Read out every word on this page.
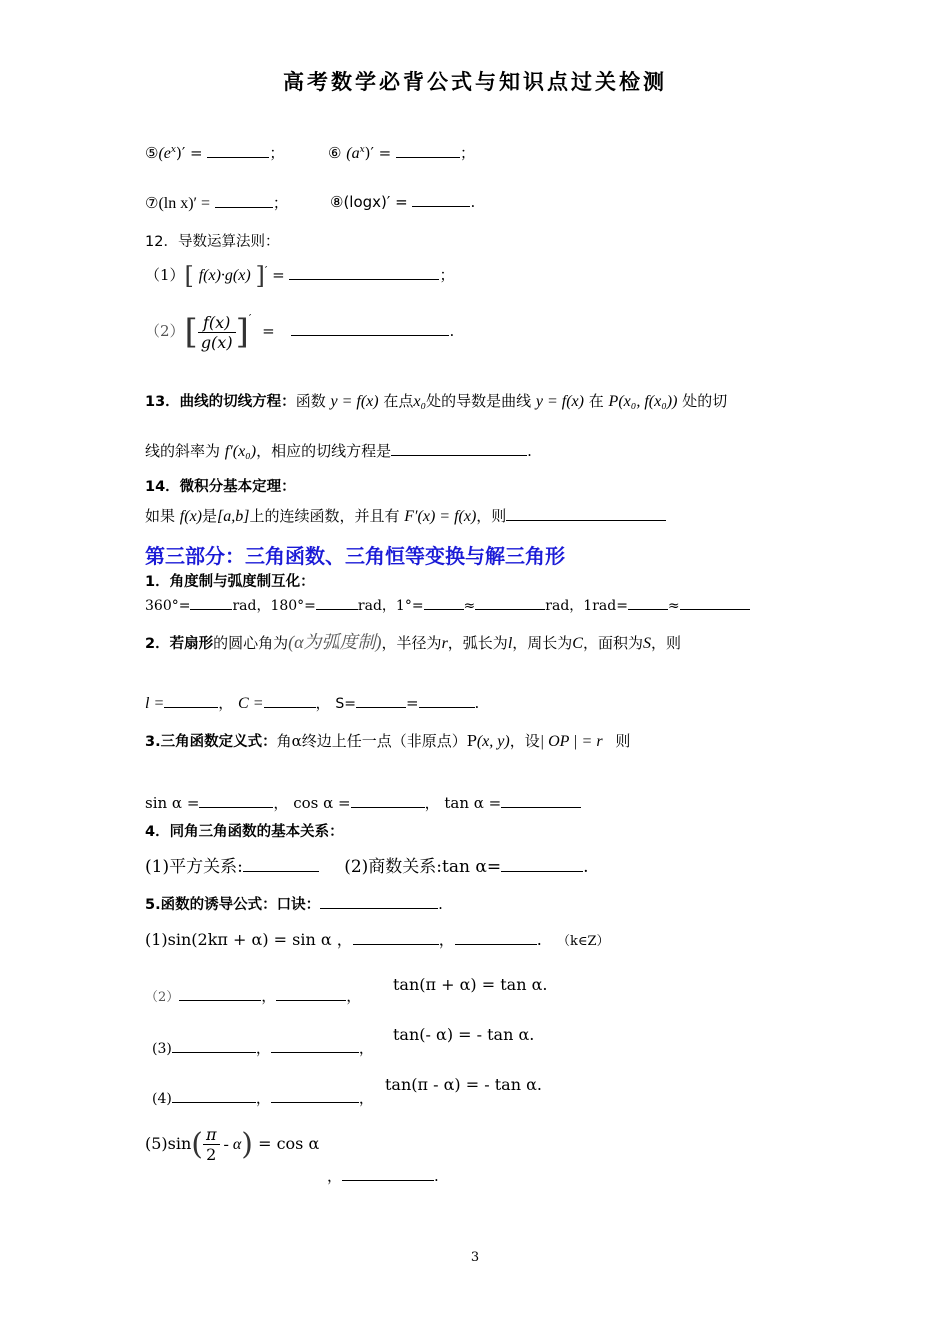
高考数学必背公式与知识点过关检测
$⑤(e^x)'$ =	；	⑥ $(a^x)'$ =	；
⑦(ln x)′ =	；	⑧(logx)′ =	.
12．导数运算法则：
（1）[ f(x)·g(x) ]′ =	；
$(2)[ \frac{f(x)}{g(x)} ]'$ =	.
13．曲线的切线方程：函数 y = f(x) 在点x₀处的导数是曲线 y = f(x) 在 P(x₀, f(x₀)) 处的切
线的斜率为 f′(x₀)，相应的切线方程是	.
14．微积分基本定理：
如果 f(x)是[a,b]上的连续函数，并且有 F′(x) = f(x)，则
第三部分：三角函数、三角恒等变换与解三角形
1．角度制与弧度制互化：
360°=	rad，180°=	rad，1°=	≈	rad，1rad=	≈
2．若扇形的圆心角为(α为弧度制)，半径为r，弧长为l，周长为C，面积为S，则
l =	， C =	， S=	=	.
3.三角函数定义式：角α终边上任一点（非原点）P(x, y)，设| OP | = r 则
sin α =	， cos α =	， tan α =
4．同角三角函数的基本关系：
(1)平方关系:	(2)商数关系:tan α=	.
5.函数的诱导公式：口诀：	.
(1)sin(2kπ + α) = sin α ，	，	. （k∈Z）
（2）	，	，
tan(π + α) = tan α.
(3)	，	，
tan(- α) = - tan α.
(4)	，	，
tan(π - α) = - tan α.
$(5)\sin( \frac{\pi}{2} - \alpha) = \cos \alpha$
，	.
3
